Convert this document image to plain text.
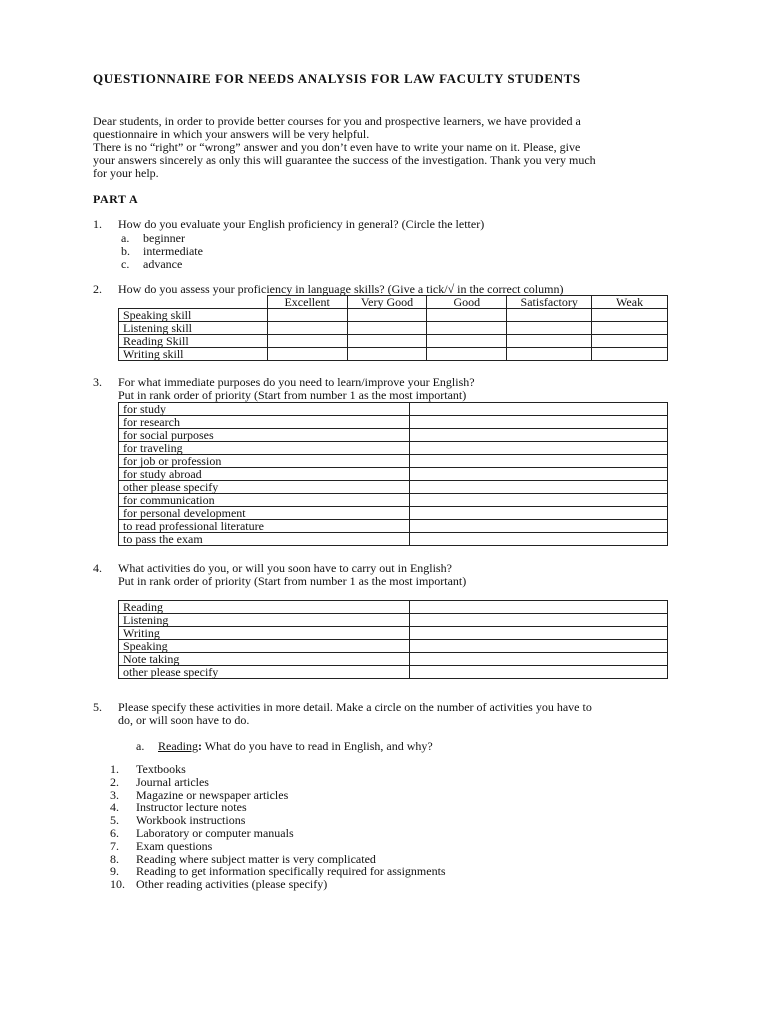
QUESTIONNAIRE FOR NEEDS ANALYSIS FOR LAW FACULTY STUDENTS
Dear students, in order to provide better courses for you and prospective learners, we have provided a
questionnaire in which your answers will be very helpful.
There is no “right” or “wrong” answer and you don’t even have to write your name on it. Please, give
your answers sincerely as only this will guarantee the success of the investigation. Thank you very much
for your help.
PART A
1. How do you evaluate your English proficiency in general? (Circle the letter)
a. beginner
b. intermediate
c. advance
2. How do you assess your proficiency in language skills? (Give a tick/√ in the correct column)
	Excellent	Very Good	Good	Satisfactory	Weak
Speaking skill					
Listening skill					
Reading Skill					
Writing skill					
3. For what immediate purposes do you need to learn/improve your English?
Put in rank order of priority (Start from number 1 as the most important)
for study	
for research	
for social purposes	
for traveling	
for job or profession	
for study abroad	
other please specify	
for communication	
for personal development	
to read professional literature	
to pass the exam	
4. What activities do you, or will you soon have to carry out in English?
Put in rank order of priority (Start from number 1 as the most important)
Reading	
Listening	
Writing	
Speaking	
Note taking	
other please specify	
5. Please specify these activities in more detail. Make a circle on the number of activities you have to
do, or will soon have to do.
a. Reading: What do you have to read in English, and why?
1. Textbooks
2. Journal articles
3. Magazine or newspaper articles
4. Instructor lecture notes
5. Workbook instructions
6. Laboratory or computer manuals
7. Exam questions
8. Reading where subject matter is very complicated
9. Reading to get information specifically required for assignments
10. Other reading activities (please specify)
